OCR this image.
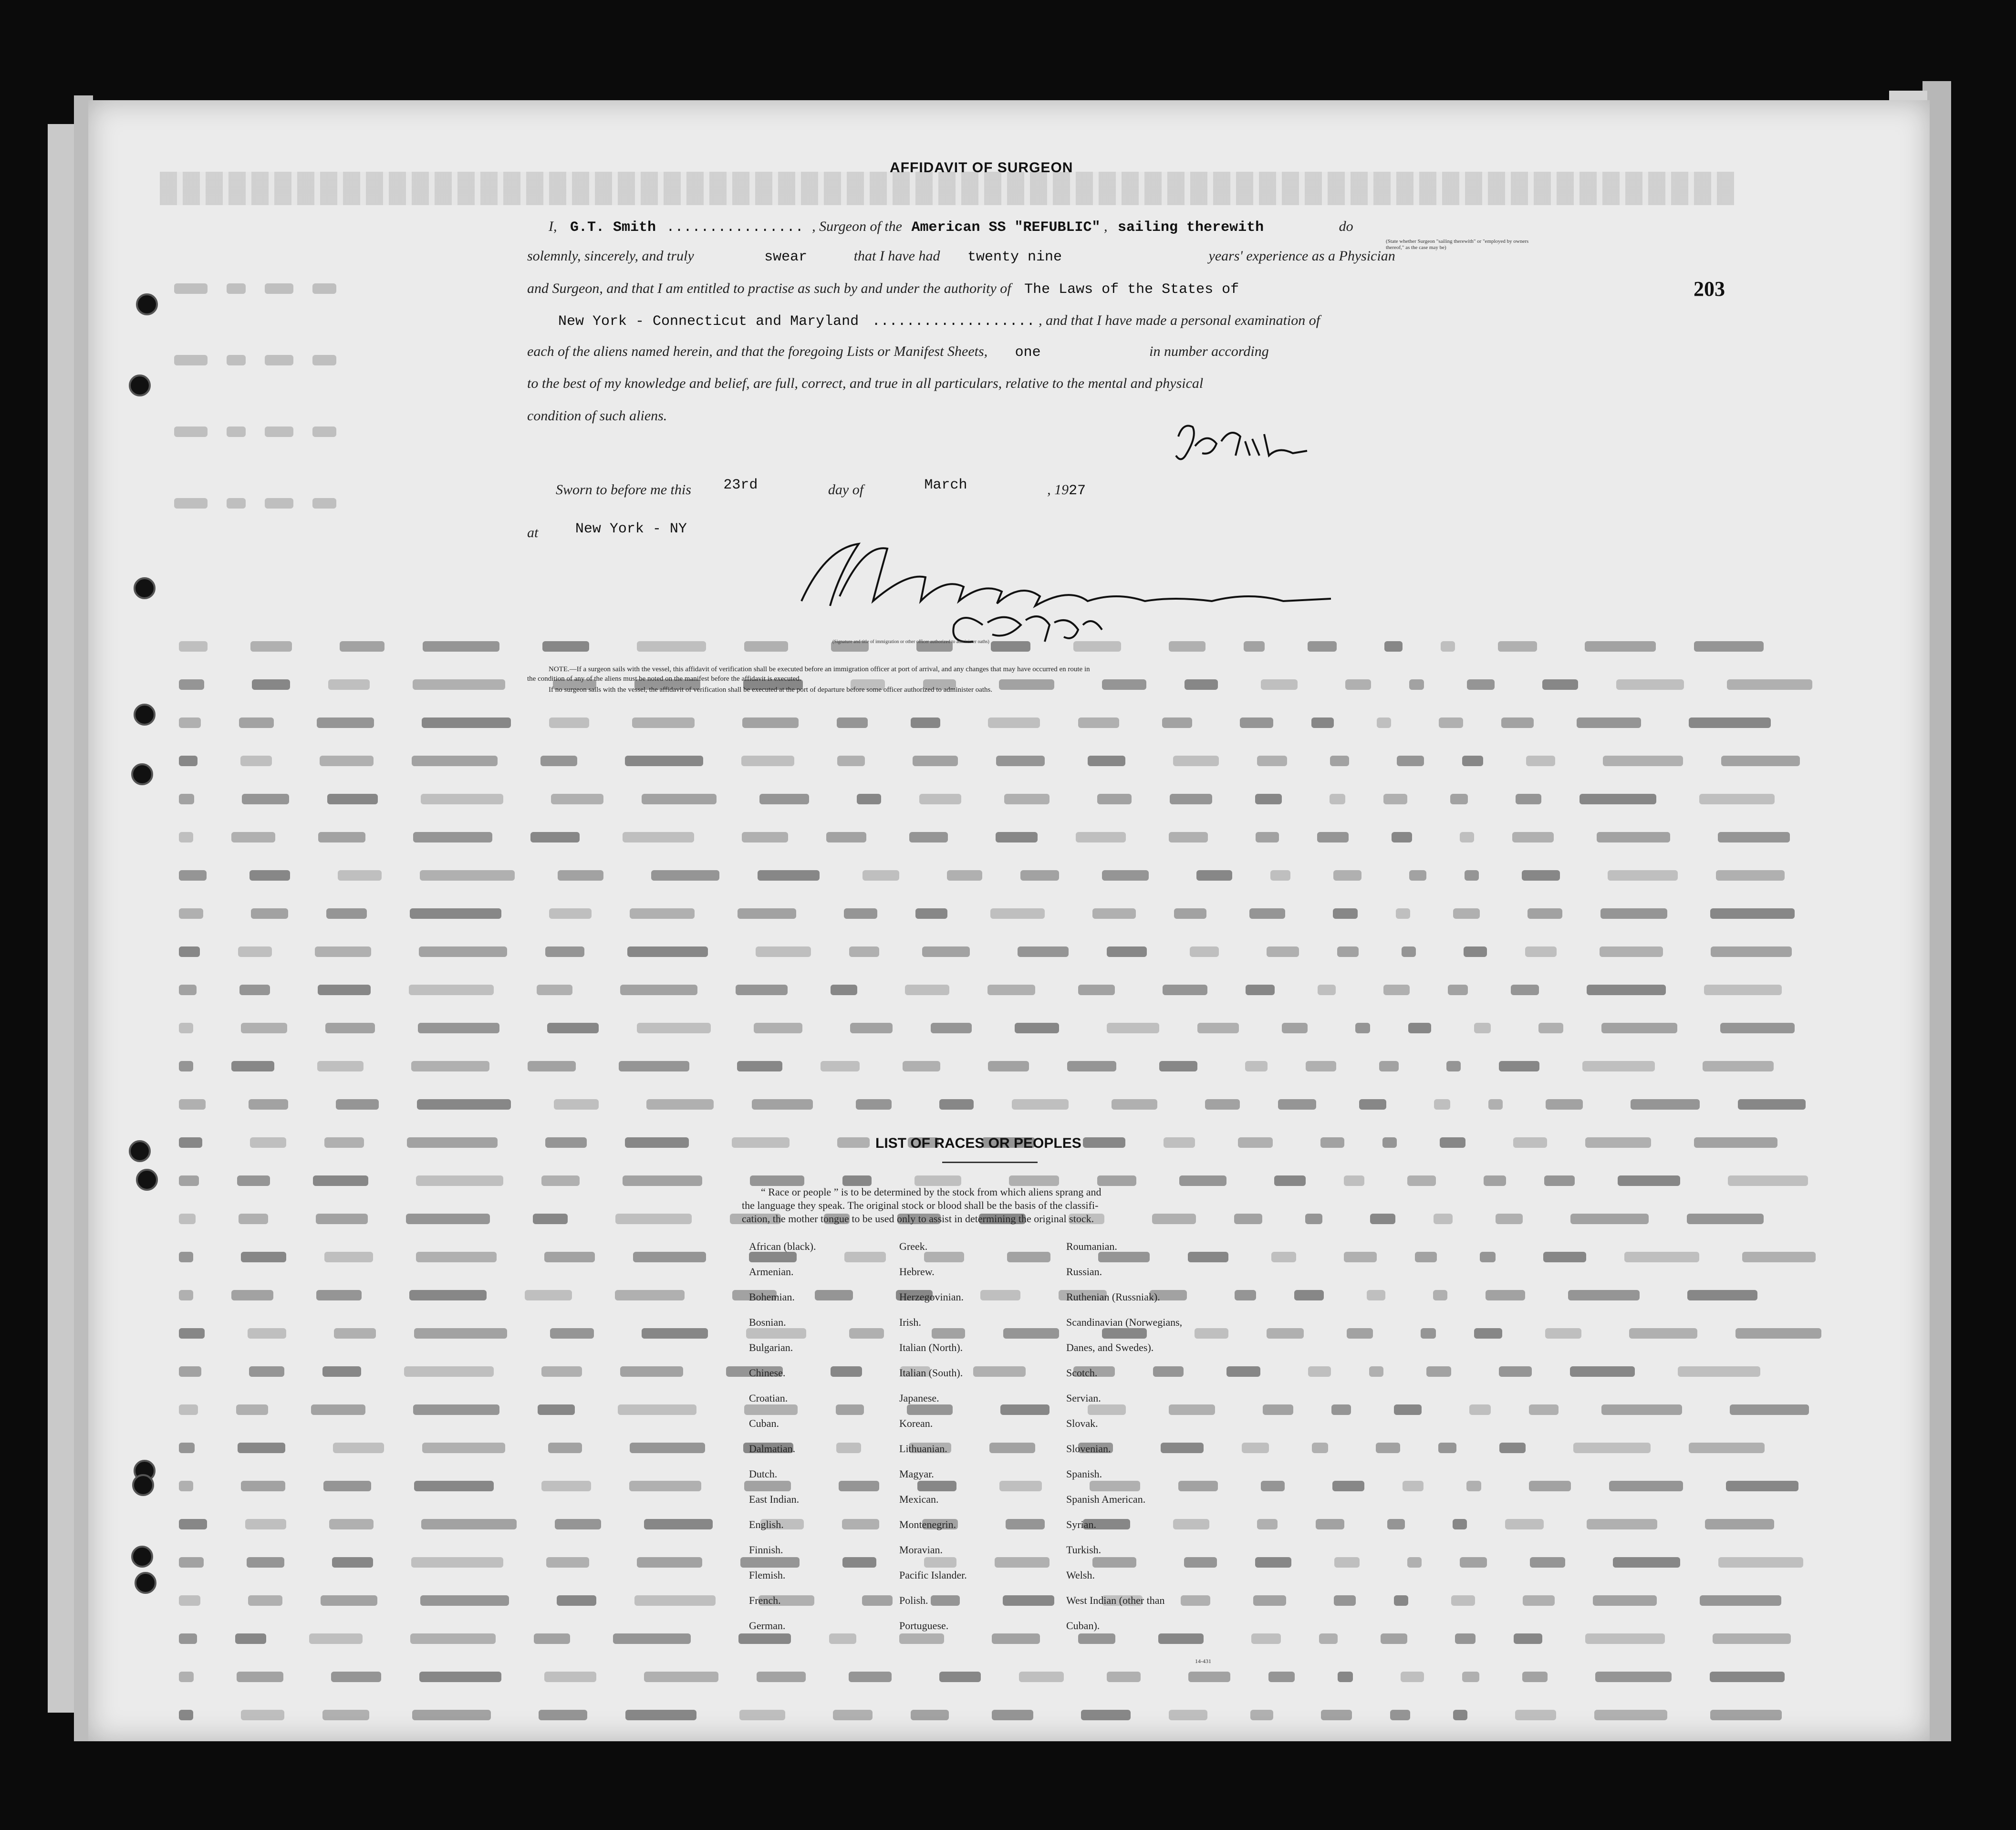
203
AFFIDAVIT OF SURGEON
I, G.T. Smith ................ , Surgeon of the American SS "REFUBLIC" , sailing therewith	do
(State whether Surgeon "sailing therewith" or "employed by owners thereof," as the case may be)
solemnly, sincerely, and truly	swear	that I have had twenty nine	years' experience as a Physician
and Surgeon, and that I am entitled to practise as such by and under the authority of The Laws of the States of
New York - Connecticut and Maryland ................... , and that I have made a personal examination of
each of the aliens named herein, and that the foregoing Lists or Manifest Sheets, one	in number according
to the best of my knowledge and belief, are full, correct, and true in all particulars, relative to the mental and physical
condition of such aliens.
Sworn to before me this 23rd	day of	March	, 1927
at	New York - NY
(Signature and title of immigration or other officer authorized to administer oaths)
NOTE.—If a surgeon sails with the vessel, this affidavit of verification shall be executed before an immigration officer at port of arrival, and any changes that may have occurred en route in
the condition of any of the aliens must be noted on the manifest before the affidavit is executed.
If no surgeon sails with the vessel, the affidavit of verification shall be executed at the port of departure before some officer authorized to administer oaths.
LIST OF RACES OR PEOPLES
“ Race or people ” is to be determined by the stock from which aliens sprang and
the language they speak. The original stock or blood shall be the basis of the classifi-
cation, the mother tongue to be used only to assist in determining the original stock.
African (black).
Armenian.
Bohemian.
Bosnian.
Bulgarian.
Chinese.
Croatian.
Cuban.
Dalmatian.
Dutch.
East Indian.
English.
Finnish.
Flemish.
French.
German.
Greek.
Hebrew.
Herzegovinian.
Irish.
Italian (North).
Italian (South).
Japanese.
Korean.
Lithuanian.
Magyar.
Mexican.
Montenegrin.
Moravian.
Pacific Islander.
Polish.
Portuguese.
Roumanian.
Russian.
Ruthenian (Russniak).
Scandinavian (Norwegians,
Danes, and Swedes).
Scotch.
Servian.
Slovak.
Slovenian.
Spanish.
Spanish American.
Syrian.
Turkish.
Welsh.
West Indian (other than
Cuban).
14-431
